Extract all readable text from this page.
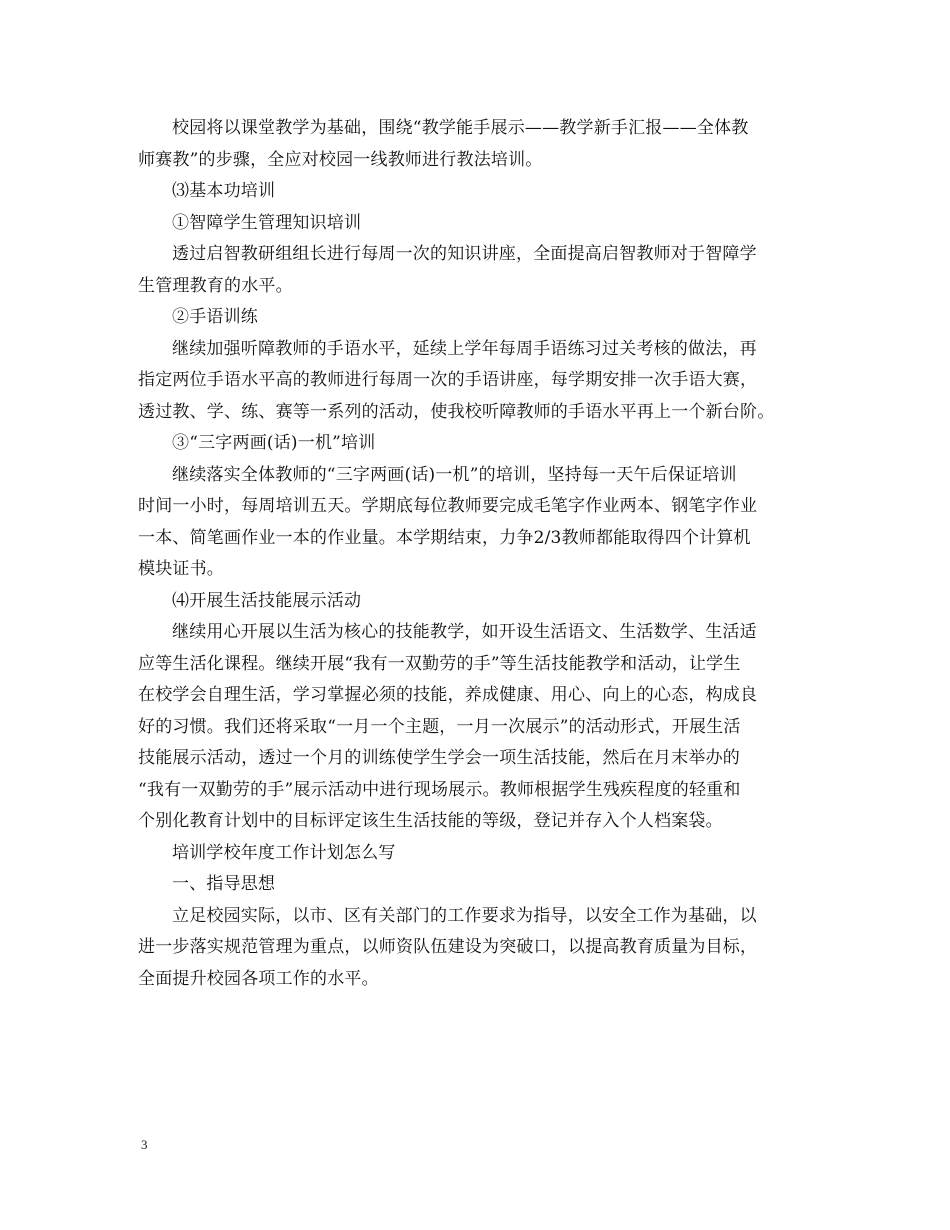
校园将以课堂教学为基础，围绕“教学能手展示——教学新手汇报——全体教
师赛教”的步骤，全应对校园一线教师进行教法培训。
⑶基本功培训
①智障学生管理知识培训
透过启智教研组组长进行每周一次的知识讲座，全面提高启智教师对于智障学
生管理教育的水平。
②手语训练
继续加强听障教师的手语水平，延续上学年每周手语练习过关考核的做法，再
指定两位手语水平高的教师进行每周一次的手语讲座，每学期安排一次手语大赛，
透过教、学、练、赛等一系列的活动，使我校听障教师的手语水平再上一个新台阶。
③“三字两画(话)一机”培训
继续落实全体教师的“三字两画(话)一机”的培训，坚持每一天午后保证培训
时间一小时，每周培训五天。学期底每位教师要完成毛笔字作业两本、钢笔字作业
一本、简笔画作业一本的作业量。本学期结束，力争2/3教师都能取得四个计算机
模块证书。
⑷开展生活技能展示活动
继续用心开展以生活为核心的技能教学，如开设生活语文、生活数学、生活适
应等生活化课程。继续开展“我有一双勤劳的手”等生活技能教学和活动，让学生
在校学会自理生活，学习掌握必须的技能，养成健康、用心、向上的心态，构成良
好的习惯。我们还将采取“一月一个主题，一月一次展示”的活动形式，开展生活
技能展示活动，透过一个月的训练使学生学会一项生活技能，然后在月末举办的
“我有一双勤劳的手”展示活动中进行现场展示。教师根据学生残疾程度的轻重和
个别化教育计划中的目标评定该生生活技能的等级，登记并存入个人档案袋。
培训学校年度工作计划怎么写
一、指导思想
立足校园实际，以市、区有关部门的工作要求为指导，以安全工作为基础，以
进一步落实规范管理为重点，以师资队伍建设为突破口，以提高教育质量为目标，
全面提升校园各项工作的水平。
3
